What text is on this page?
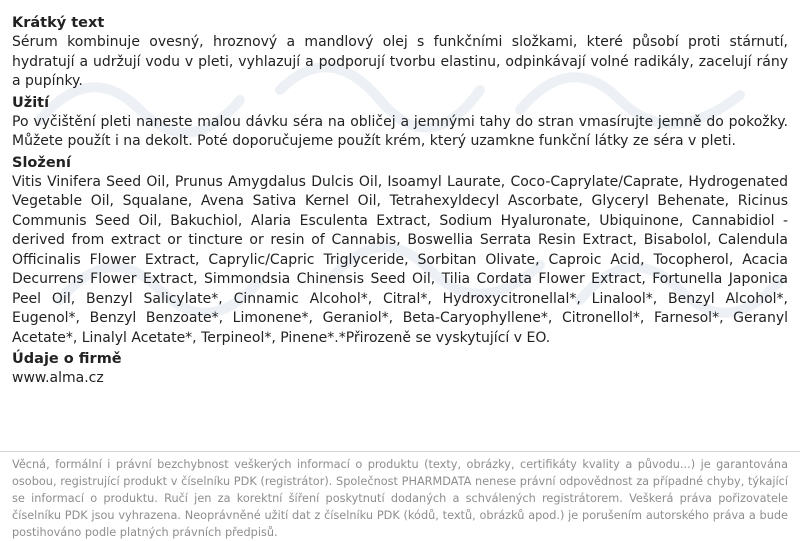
Krátký text

Sérum kombinuje ovesný, hroznový a mandlový olej s funkčními složkami, které působí proti stárnutí, hydratují a udržují vodu v pleti, vyhlazují a podporují tvorbu elastinu, odpinkávají volné radikály, zacelují rány a pupínky.

Užití

Po vyčištění pleti naneste malou dávku séra na obličej a jemnými tahy do stran vmasírujte jemně do pokožky. Můžete použít i na dekolt. Poté doporučujeme použít krém, který uzamkne funkční látky ze séra v pleti.

Složení

Vitis Vinifera Seed Oil, Prunus Amygdalus Dulcis Oil, Isoamyl Laurate, Coco-Caprylate/Caprate, Hydrogenated Vegetable Oil, Squalane, Avena Sativa Kernel Oil, Tetrahexyldecyl Ascorbate, Glyceryl Behenate, Ricinus Communis Seed Oil, Bakuchiol, Alaria Esculenta Extract, Sodium Hyaluronate, Ubiquinone, Cannabidiol - derived from extract or tincture or resin of Cannabis, Boswellia Serrata Resin Extract, Bisabolol, Calendula Officinalis Flower Extract, Caprylic/Capric Triglyceride, Sorbitan Olivate, Caproic Acid, Tocopherol, Acacia Decurrens Flower Extract, Simmondsia Chinensis Seed Oil, Tilia Cordata Flower Extract, Fortunella Japonica Peel Oil, Benzyl Salicylate*, Cinnamic Alcohol*, Citral*, Hydroxycitronellal*, Linalool*, Benzyl Alcohol*, Eugenol*, Benzyl Benzoate*, Limonene*, Geraniol*, Beta-Caryophyllene*, Citronellol*, Farnesol*, Geranyl Acetate*, Linalyl Acetate*, Terpineol*, Pinene*.*Přirozeně se vyskytující v EO.

Údaje o firmě

www.alma.cz

Věcná, formální i právní bezchybnost veškerých informací o produktu (texty, obrázky, certifikáty kvality a původu...) je garantována osobou, registrující produkt v číselníku PDK (registrátor). Společnost PHARMDATA nenese právní odpovědnost za případné chyby, týkající se informací o produktu. Ručí jen za korektní šíření poskytnutí dodaných a schválených registrátorem. Veškerá práva pořizovatele číselníku PDK jsou vyhrazena. Neoprávněné užití dat z číselníku PDK (kódů, textů, obrázků apod.) je porušením autorského práva a bude postihováno podle platných právních předpisů.
